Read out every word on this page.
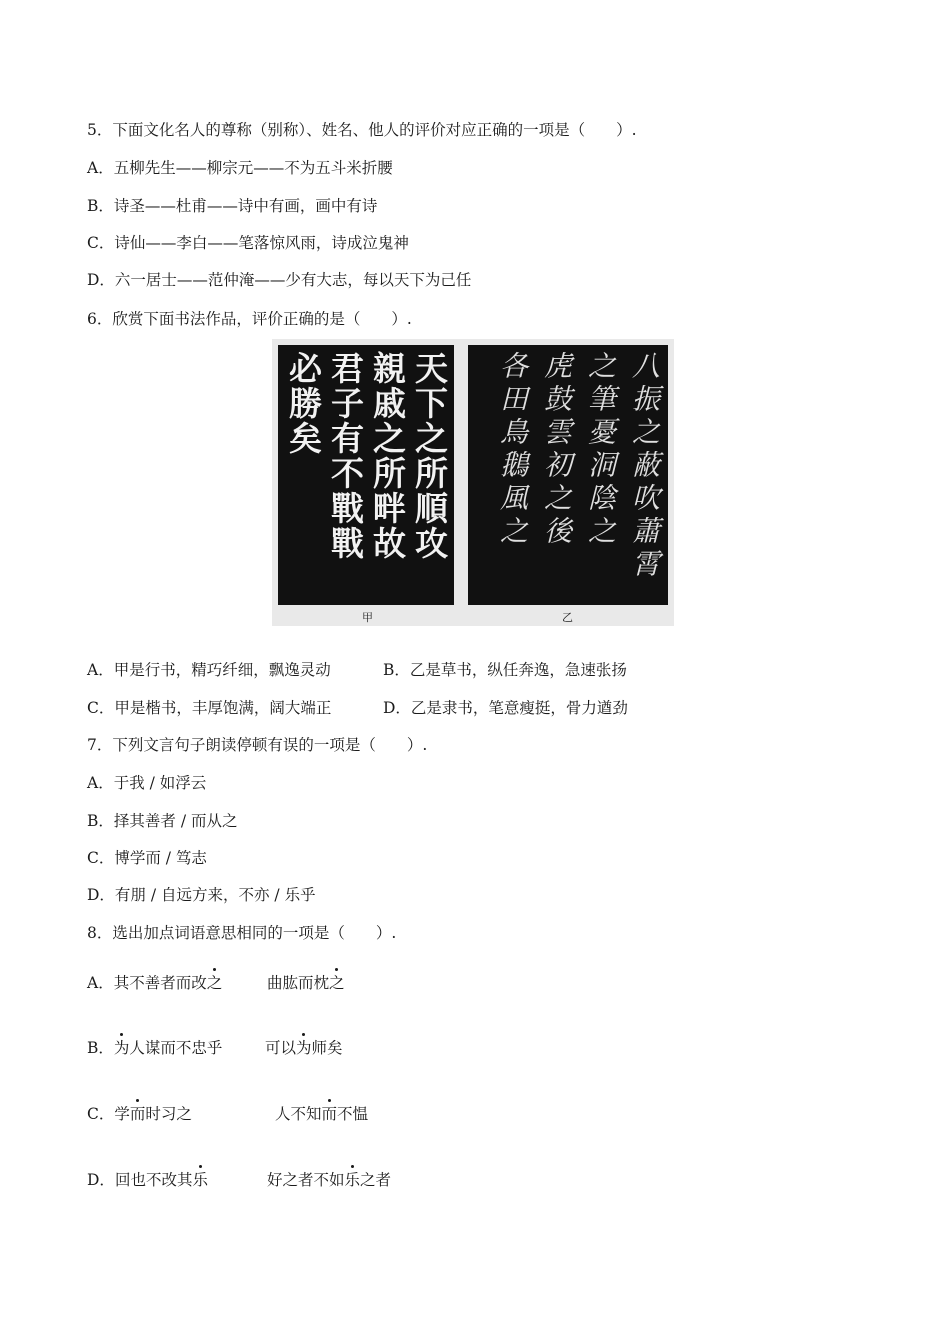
5．下面文化名人的尊称（别称）、姓名、他人的评价对应正确的一项是（　　）.
A．五柳先生——柳宗元——不为五斗米折腰
B．诗圣——杜甫——诗中有画，画中有诗
C．诗仙——李白——笔落惊风雨，诗成泣鬼神
D．六一居士——范仲淹——少有大志，每以天下为己任
6．欣赏下面书法作品，评价正确的是（　　）.
天下之所順攻
親戚之所畔故
君子有不戰戰
必勝矣	八振之蔽吹蕭霄
之筆憂洞陰之
虎鼓雲初之後
各田鳥鵝風之
甲	乙
A．甲是行书，精巧纤细，飘逸灵动	B．乙是草书，纵任奔逸，急速张扬
C．甲是楷书，丰厚饱满，阔大端正	D．乙是隶书，笔意瘦挺，骨力遒劲
7．下列文言句子朗读停顿有误的一项是（　　）.
A．于我 / 如浮云
B．择其善者 / 而从之
C．博学而 / 笃志
D．有朋 / 自远方来，不亦 / 乐乎
8．选出加点词语意思相同的一项是（　　）.
A．其不善者而改之	曲肱而枕之
B．为人谋而不忠乎	可以为师矣
C．学而时习之	人不知而不愠
D．回也不改其乐	好之者不如乐之者
